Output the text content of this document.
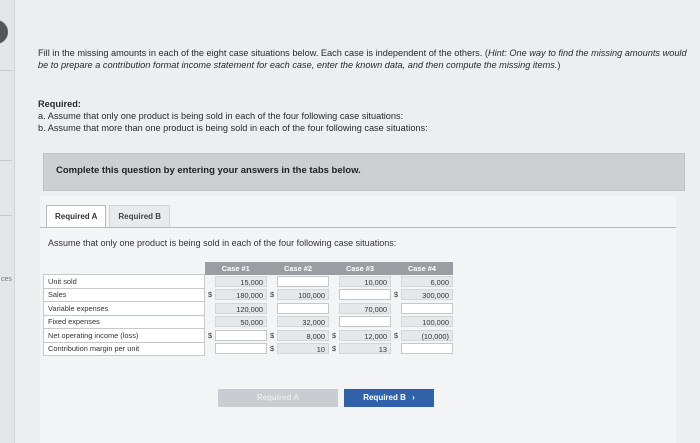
ces
Fill in the missing amounts in each of the eight case situations below. Each case is independent of the others. (Hint: One way to find the missing amounts would be to prepare a contribution format income statement for each case, enter the known data, and then compute the missing items.)
Required:
a. Assume that only one product is being sold in each of the four following case situations:
b. Assume that more than one product is being sold in each of the four following case situations:
Complete this question by entering your answers in the tabs below.
Required A	Required B
Assume that only one product is being sold in each of the four following case situations:
	Case #1		Case #2		Case #3		Case #4	
Unit sold		15,000				10,000		6,000

Sales	$	180,000	$	100,000			$	300,000

Variable expenses		120,000				70,000		

Fixed expenses		50,000		32,000				100,000

Net operating income (loss)	$		$	8,000	$	12,000	$	(10,000)

Contribution margin per unit			$	10	$	13		

Required A	Required B ›
